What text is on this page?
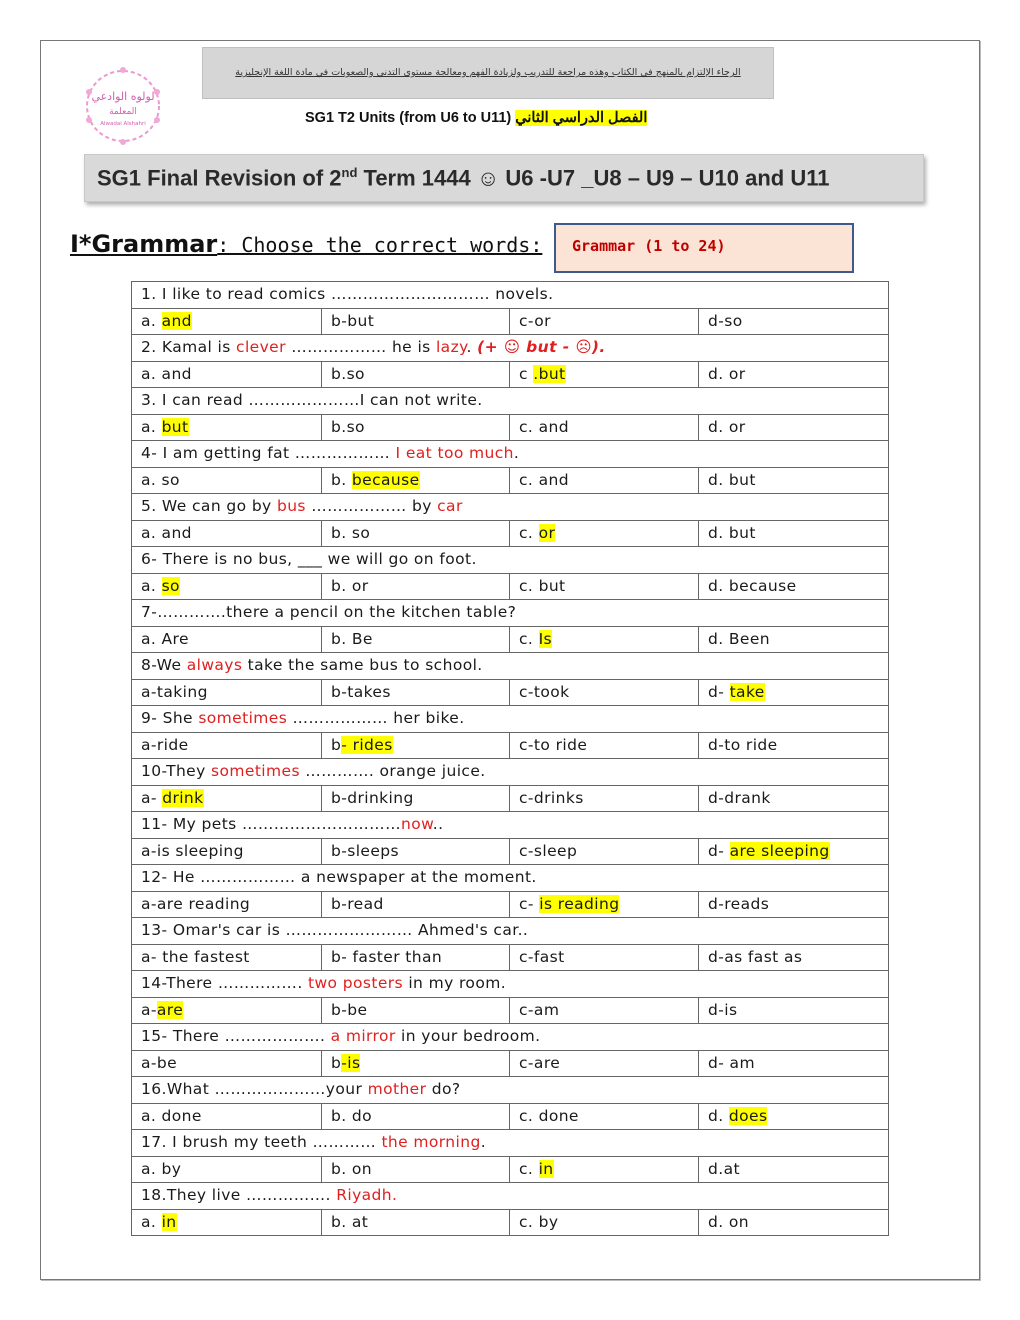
لولوه الوادعي
المعلمة
Alwadai Alshahri
الرجاء الإلتزام بالمنهج في الكتاب وهذه مراجعة للتدريب ولزيادة الفهم ومعالجة مستوى التدني والصعوبات في مادة اللغة الإنجليزية
SG1 T2 Units (from U6 to U11) الفصل الدراسي الثاني
SG1 Final Revision of 2nd Term 1444 ☺ U6 -U7 _U8 – U9 – U10 and U11
I*Grammar: Choose the correct words: Grammar (1 to 24)
1. I like to read comics ………………………… novels.			
a. and	b-but	c-or	d-so
2. Kamal is clever ……………… he is lazy. (+ ☺ but - ☹).			
a. and	b.so	c .but	d. or
3. I can read …………………I can not write.			
a. but	b.so	c. and	d. or
4- I am getting fat ……………… I eat too much.			
a. so	b. because	c. and	d. but
5. We can go by bus ……………… by car			
a. and	b. so	c. or	d. but
6- There is no bus, ___ we will go on foot.			
a. so	b. or	c. but	d. because
7-………….there a pencil on the kitchen table?			
a. Are	b. Be	c. Is	d. Been
8-We always take the same bus to school.			
a-taking	b-takes	c-took	d- take
9- She sometimes ……………… her bike.			
a-ride	b- rides	c-to ride	d-to ride
10-They sometimes …………. orange juice.			
a- drink	b-drinking	c-drinks	d-drank
11- My pets …………………………now..			
a-is sleeping	b-sleeps	c-sleep	d- are sleeping
12- He ……………… a newspaper at the moment.			
a-are reading	b-read	c- is reading	d-reads
13- Omar's car is …………………… Ahmed's car..			
a- the fastest	b- faster than	c-fast	d-as fast as
14-There ……………. two posters in my room.			
a-are	b-be	c-am	d-is
15- There ………………. a mirror in your bedroom.			
a-be	b-is	c-are	d- am
16.What …………………your mother do?			
a. done	b. do	c. done	d. does
17. I brush my teeth ………… the morning.			
a. by	b. on	c. in	d.at
18.They live ……………. Riyadh.			
a. in	b. at	c. by	d. on
